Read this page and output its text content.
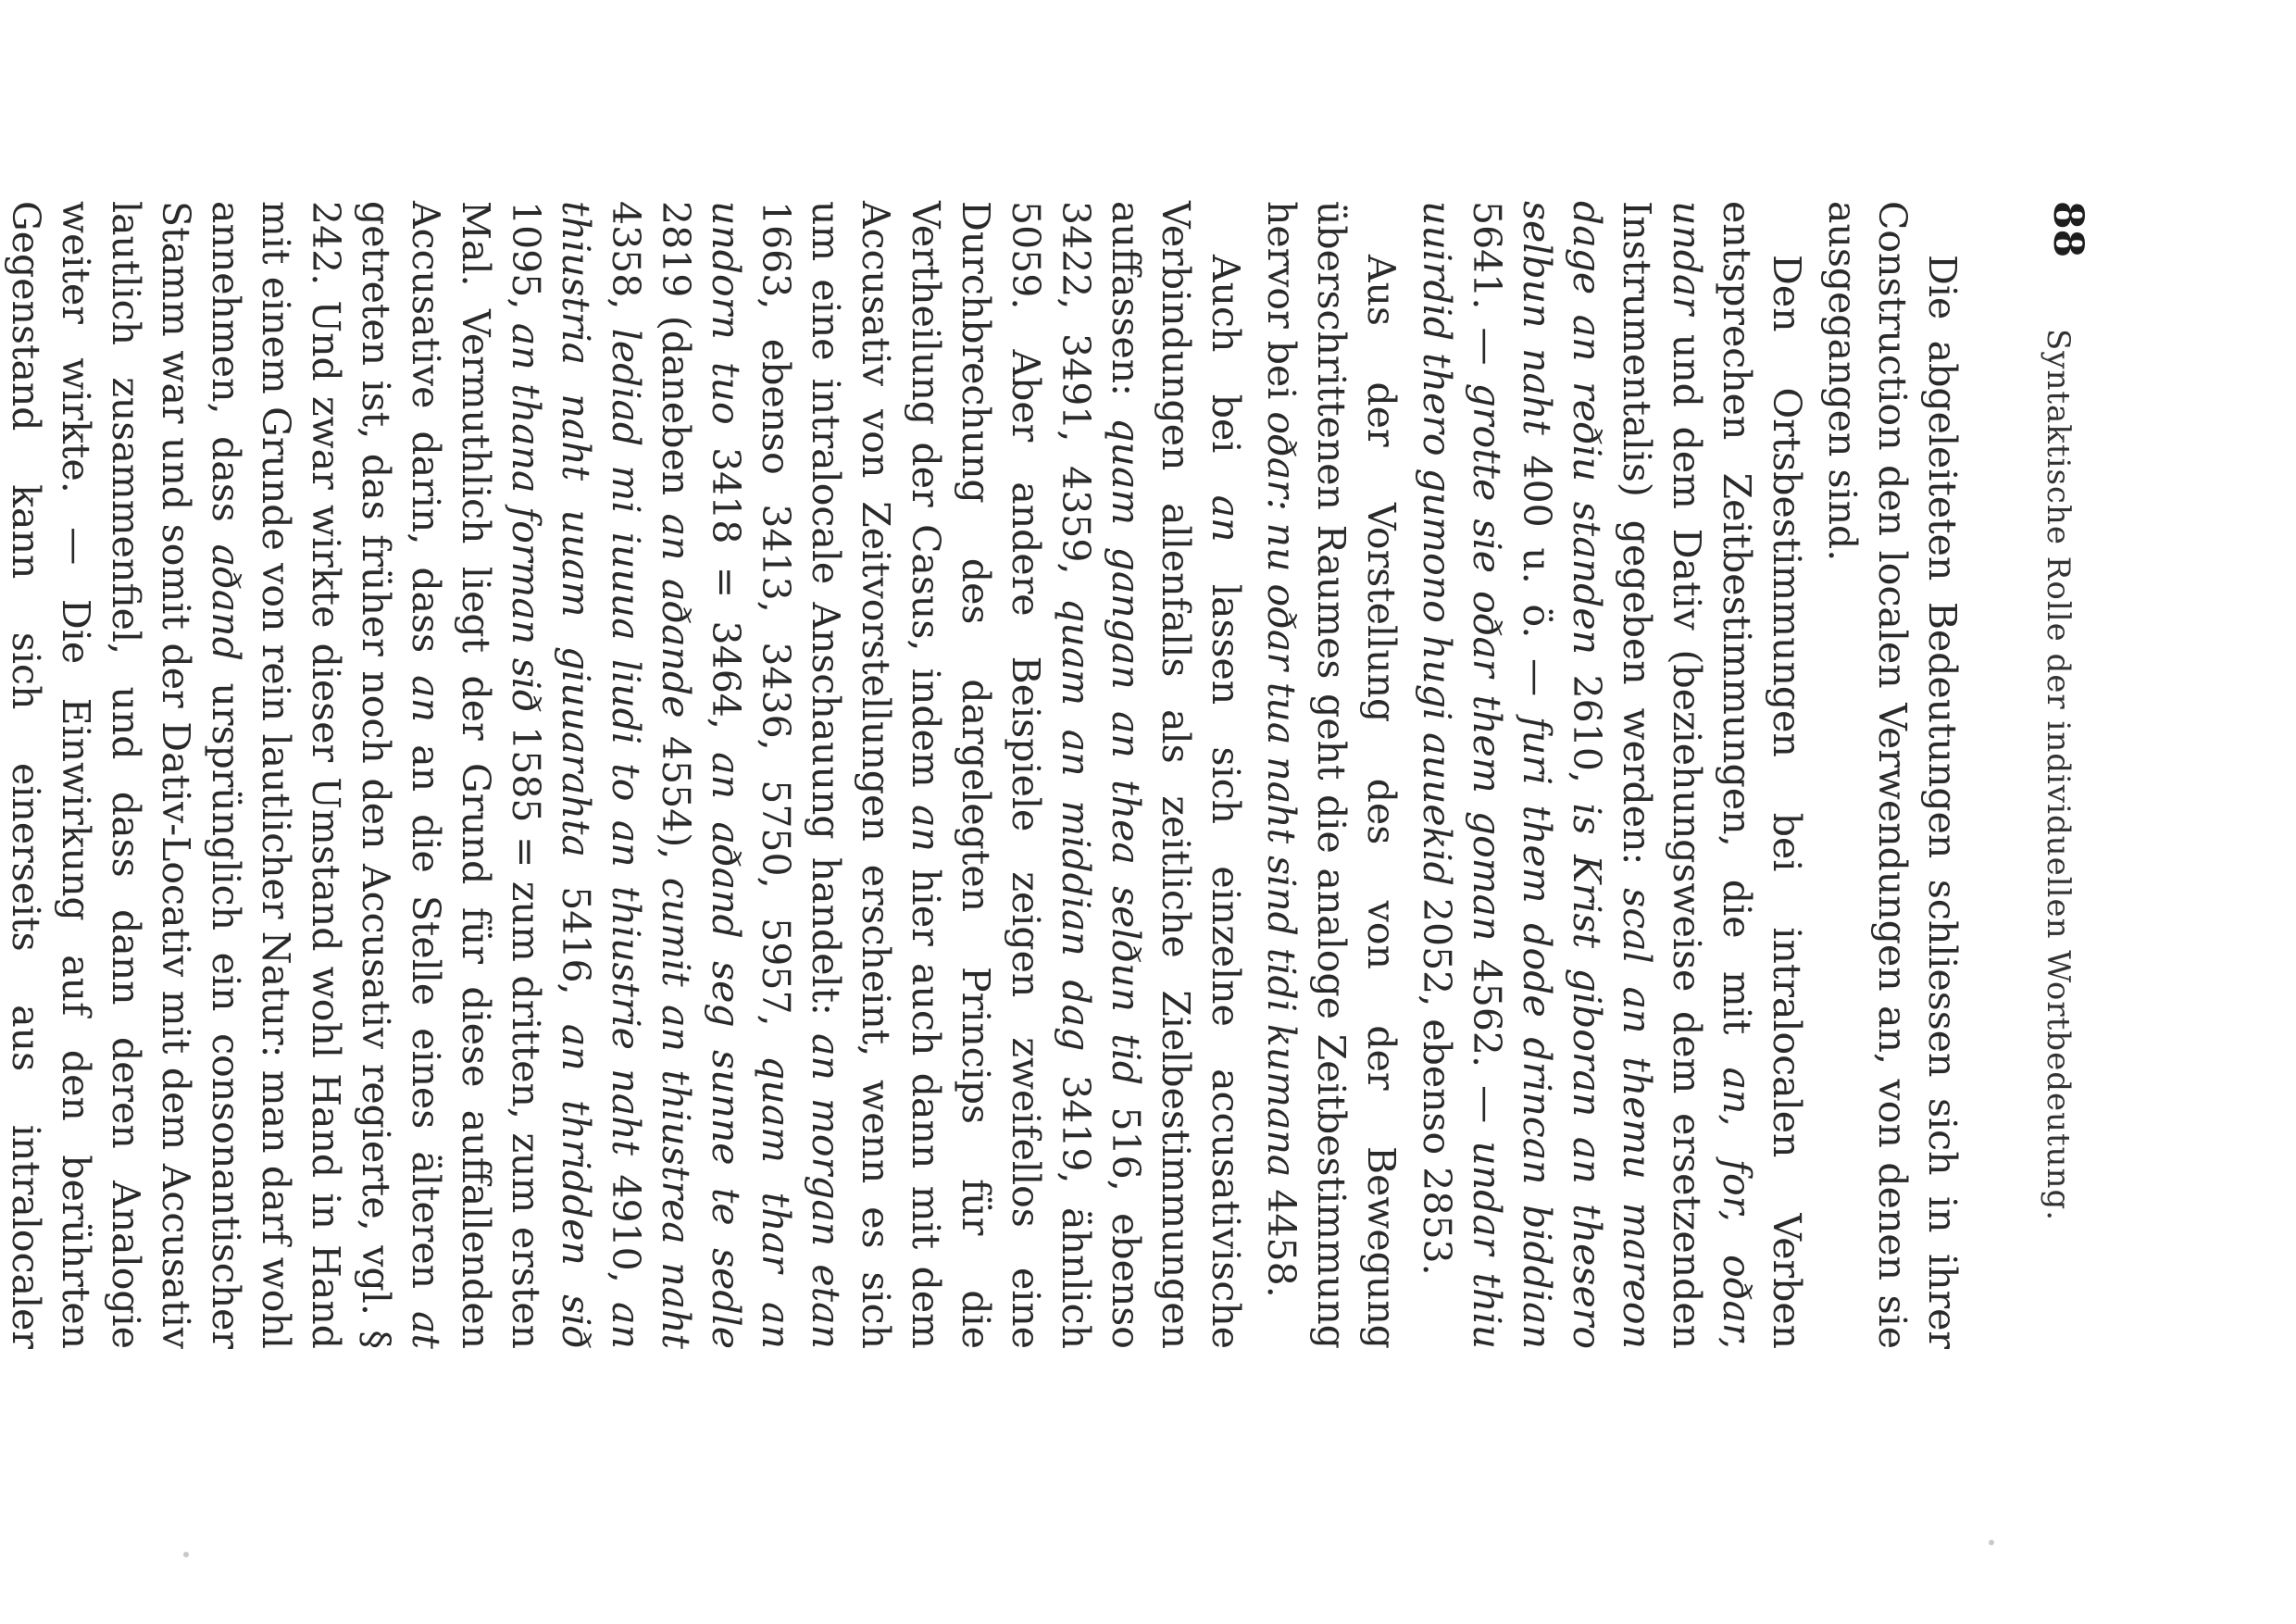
88
Syntaktische Rolle der individuellen Wortbedeutung.

Die abgeleiteten Bedeutungen schliessen sich in ihrer Construction den localen Verwendungen an, von denen sie ausgegangen sind.

Den Ortsbestimmungen bei intralocalen Verben entsprechen Zeitbestimmungen, die mit an, for, oðar, undar und dem Dativ (beziehungsweise dem ersetzenden Instrumentalis) gegeben werden: scal an themu mareon dage an reðiu standen 2610, is Krist giboran an thesero selbun naht 400 u. ö. — furi them dode drincan biddian 5641. — grotte sie oðar them goman 4562. — undar thiu uuirdid thero gumono hugi auuekid 2052, ebenso 2853.

Aus der Vorstellung des von der Bewegung überschrittenen Raumes geht die analoge Zeitbestimmung hervor bei oðar: nu oðar tua naht sind tidi kumana 4458.

Auch bei an lassen sich einzelne accusativische Verbindungen allenfalls als zeitliche Zielbestimmungen auffassen: quam gangan an thea selðun tid 516, ebenso 3422, 3491, 4359, quam an middian dag 3419, ähnlich 5059. Aber andere Beispiele zeigen zweifellos eine Durchbrechung des dargelegten Princips für die Vertheilung der Casus, indem an hier auch dann mit dem Accusativ von Zeitvorstellungen erscheint, wenn es sich um eine intralocale Anschauung handelt: an morgan etan 1663, ebenso 3413, 3436, 5750, 5957, quam thar an undorn tuo 3418 = 3464, an aðand seg sunne te sedle 2819 (daneben an aðande 4554), cumit an thiustrea naht 4358, lediad mi iuuua liudi to an thiustrie naht 4910, an thiustria naht uuam giuuarahta 5416, an thridden sið 1095, an thana forman sið 1585 = zum dritten, zum ersten Mal. Vermuthlich liegt der Grund für diese auffallenden Accusative darin, dass an an die Stelle eines älteren at getreten ist, das früher noch den Accusativ regierte, vgl. § 242. Und zwar wirkte dieser Umstand wohl Hand in Hand mit einem Grunde von rein lautlicher Natur: man darf wohl annehmen, dass aðand ursprünglich ein consonantischer Stamm war und somit der Dativ-Locativ mit dem Accusativ lautlich zusammenfiel, und dass dann deren Analogie weiter wirkte. — Die Einwirkung auf den berührten Gegenstand kann sich einerseits aus intralocaler
